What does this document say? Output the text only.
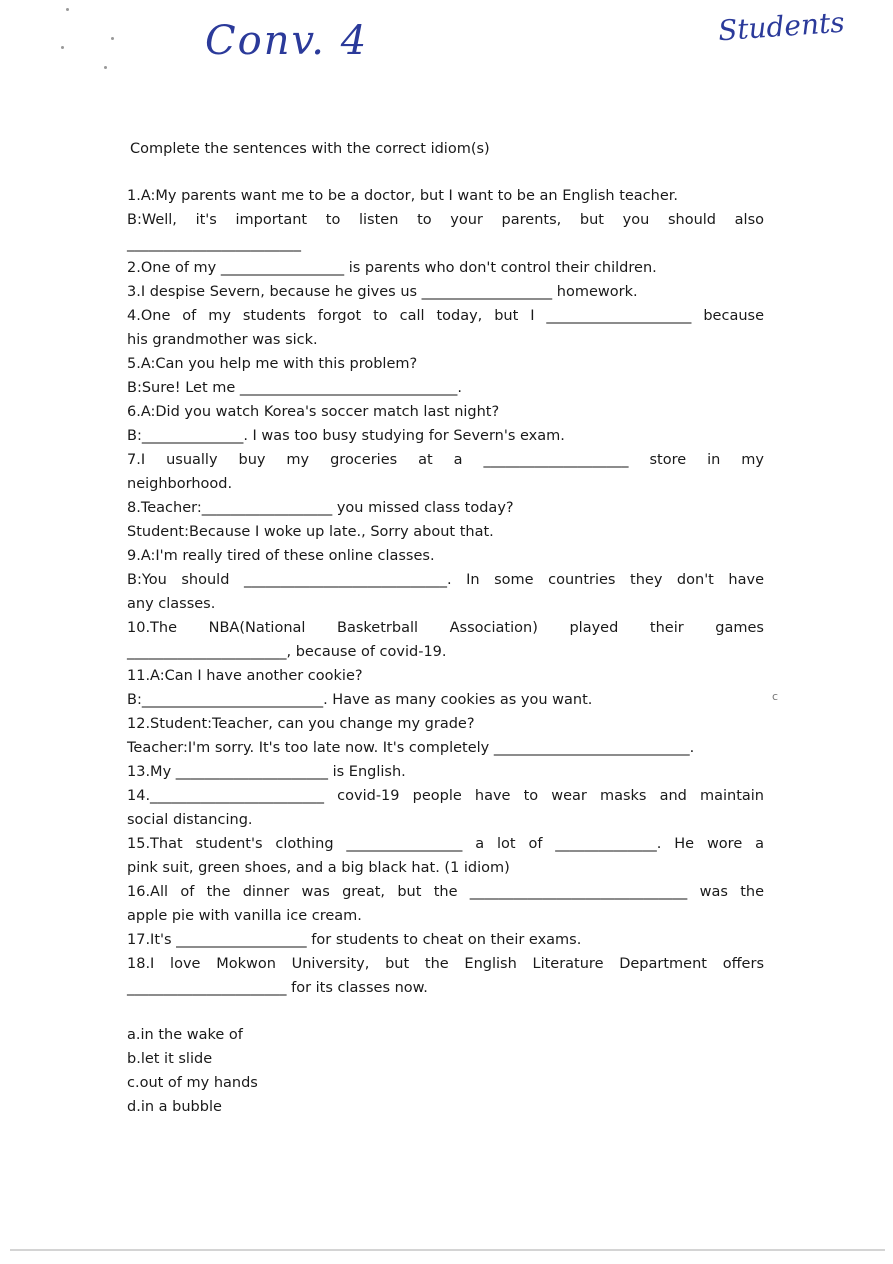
Conv. 4	Students

Complete the sentences with the correct idiom(s)

1.A:My parents want me to be a doctor, but I want to be an English teacher.

B:Well, it's important to listen to your parents, but you should also

________________________

2.One of my _________________ is parents who don't control their children.

3.I despise Severn, because he gives us __________________ homework.

4.One of my students forgot to call today, but I ____________________ because

his grandmother was sick.

5.A:Can you help me with this problem?

B:Sure! Let me ______________________________.

6.A:Did you watch Korea's soccer match last night?

B:______________. I was too busy studying for Severn's exam.

7.I usually buy my groceries at a ____________________ store in my

neighborhood.

8.Teacher:__________________ you missed class today?

Student:Because I woke up late., Sorry about that.

9.A:I'm really tired of these online classes.

B:You should ____________________________. In some countries they don't have

any classes.

10.The NBA(National Basketrball Association) played their games

______________________, because of covid-19.

11.A:Can I have another cookie?

B:_________________________. Have as many cookies as you want.

12.Student:Teacher, can you change my grade?

Teacher:I'm sorry. It's too late now. It's completely ___________________________.

13.My _____________________ is English.

14.________________________ covid-19 people have to wear masks and maintain

social distancing.

15.That student's clothing ________________ a lot of ______________. He wore a

pink suit, green shoes, and a big black hat. (1 idiom)

16.All of the dinner was great, but the ______________________________ was the

apple pie with vanilla ice cream.

17.It's __________________ for students to cheat on their exams.

18.I love Mokwon University, but the English Literature Department offers

______________________ for its classes now.

a.in the wake of

b.let it slide

c.out of my hands

d.in a bubble

c
